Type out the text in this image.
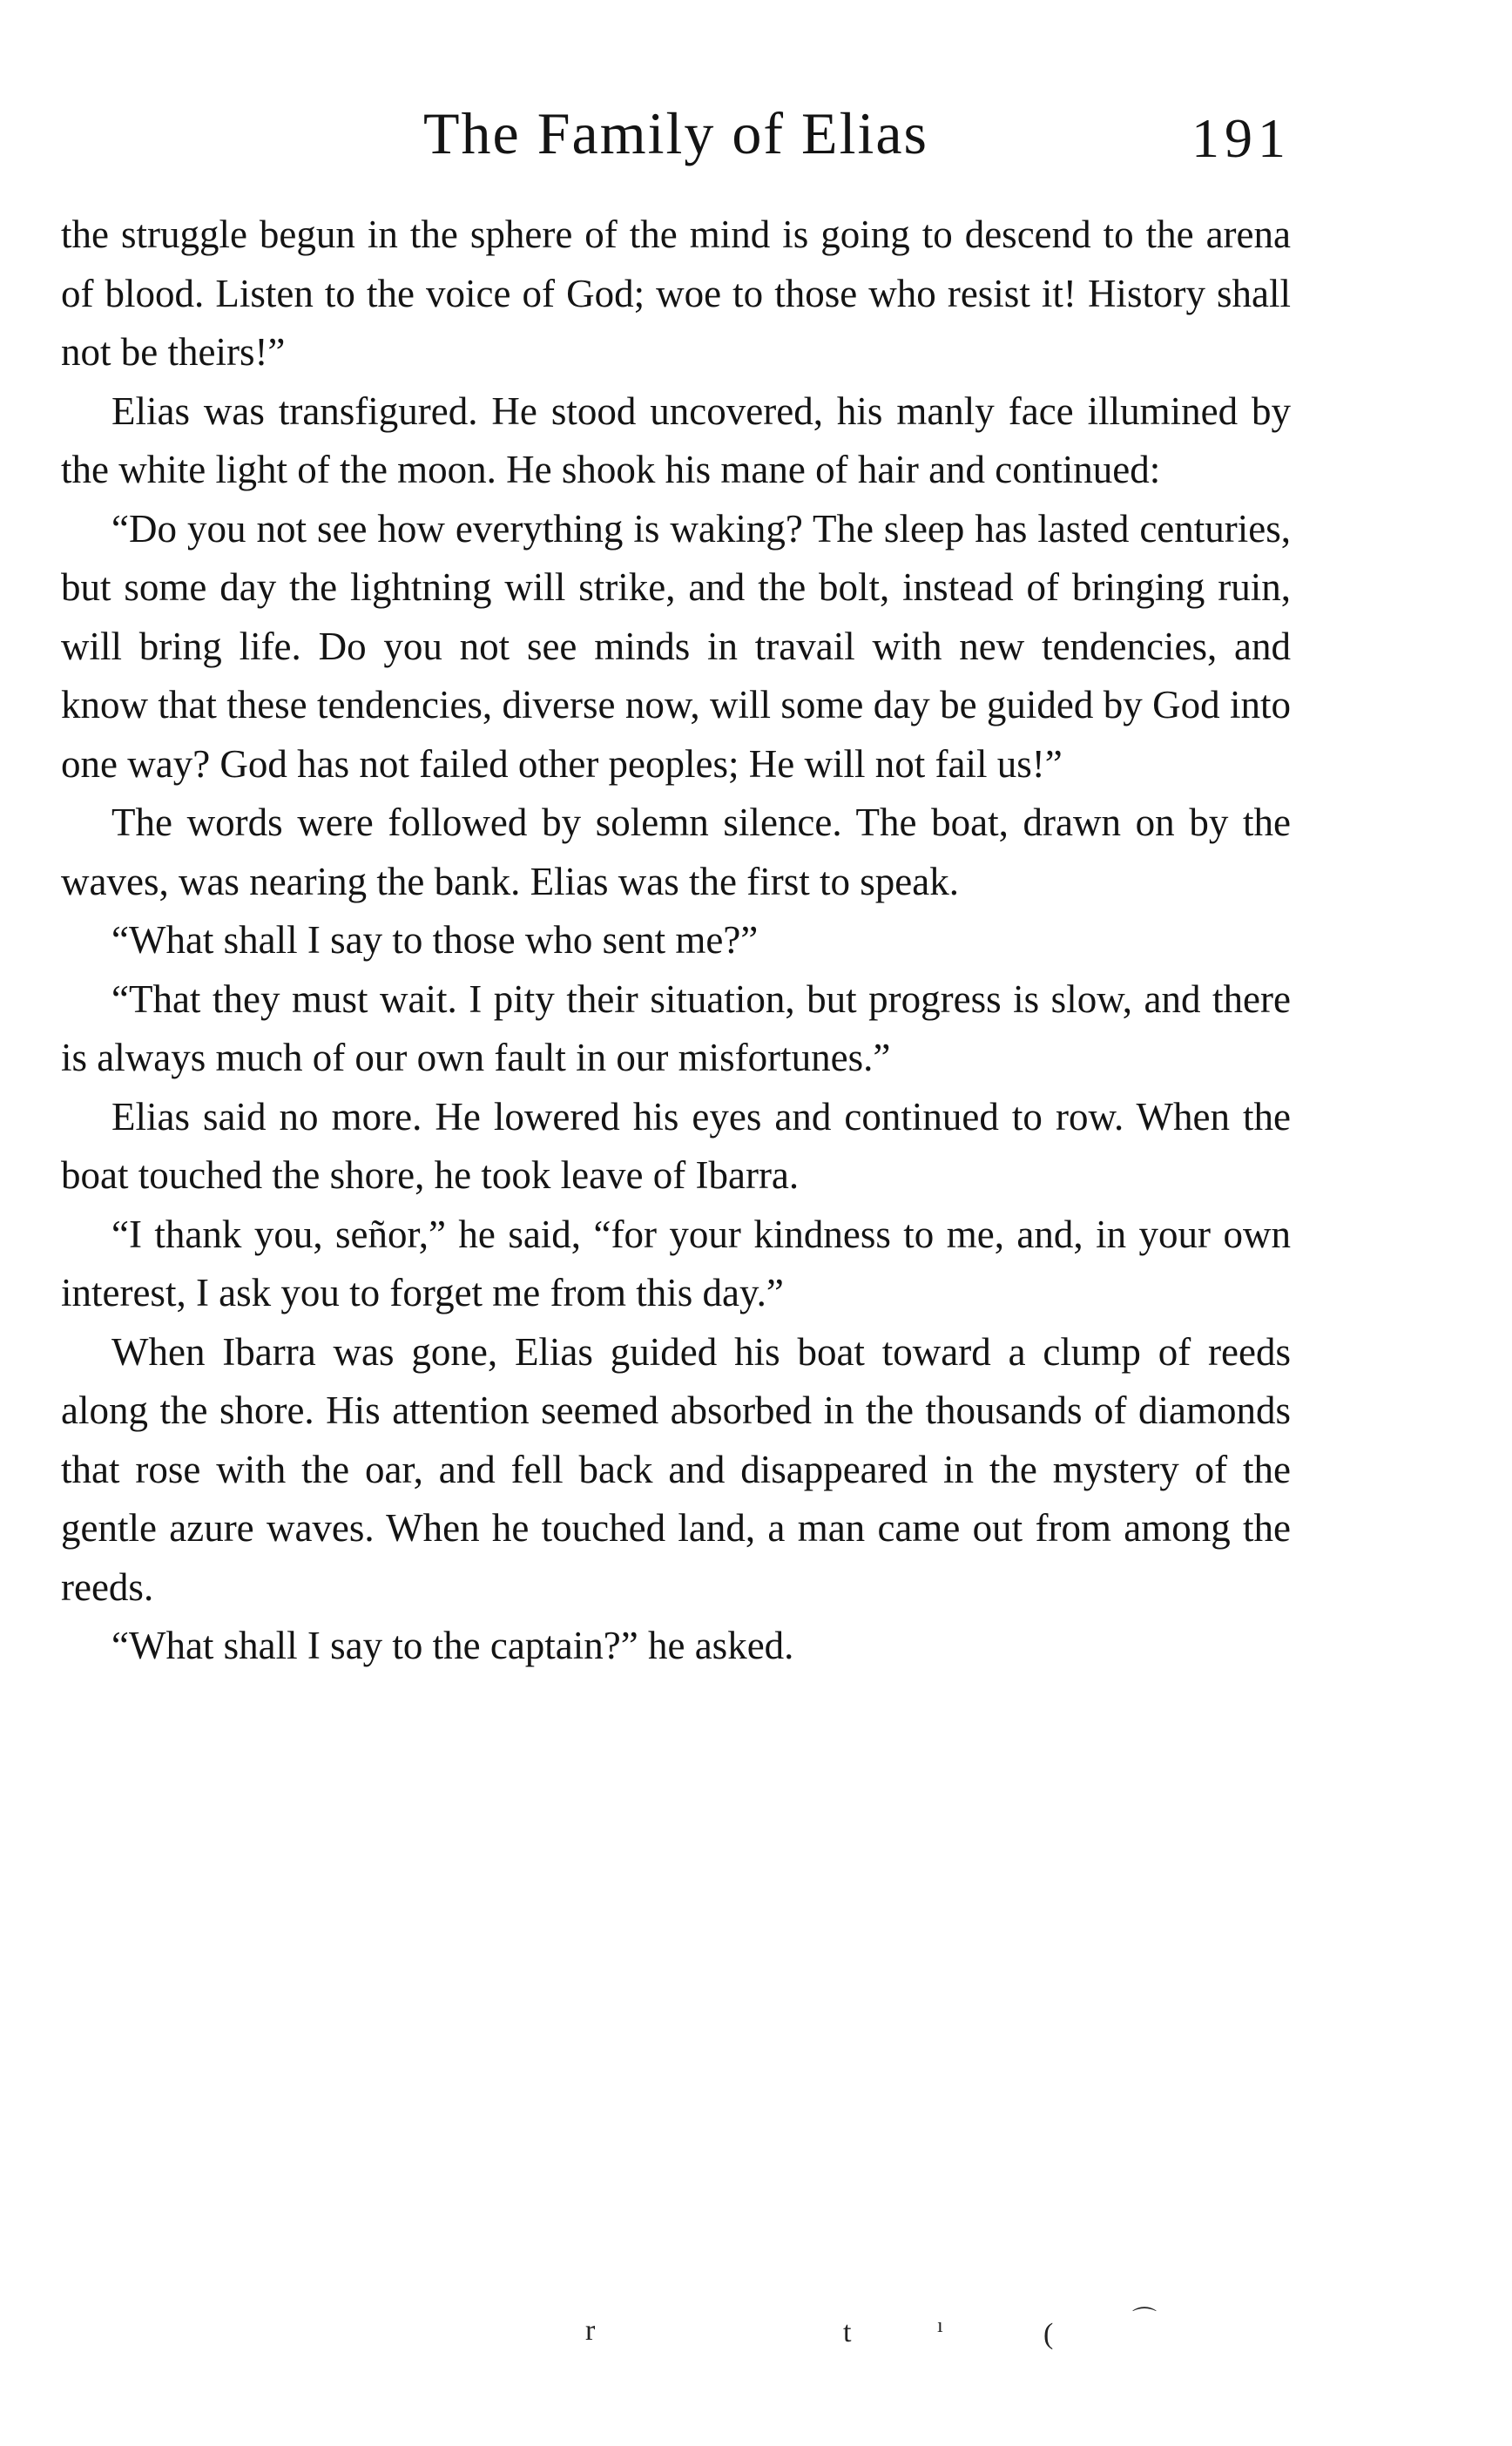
The Family of Elias	191

the struggle begun in the sphere of the mind is going to descend to the arena of blood. Listen to the voice of God; woe to those who resist it! History shall not be theirs!”

Elias was transfigured. He stood uncovered, his manly face illumined by the white light of the moon. He shook his mane of hair and continued:

“Do you not see how everything is waking? The sleep has lasted centuries, but some day the lightning will strike, and the bolt, instead of bringing ruin, will bring life. Do you not see minds in travail with new tendencies, and know that these tendencies, diverse now, will some day be guided by God into one way? God has not failed other peoples; He will not fail us!”

The words were followed by solemn silence. The boat, drawn on by the waves, was nearing the bank. Elias was the first to speak.

“What shall I say to those who sent me?”

“That they must wait. I pity their situation, but progress is slow, and there is always much of our own fault in our misfortunes.”

Elias said no more. He lowered his eyes and continued to row. When the boat touched the shore, he took leave of Ibarra.

“I thank you, señor,” he said, “for your kindness to me, and, in your own interest, I ask you to forget me from this day.”

When Ibarra was gone, Elias guided his boat toward a clump of reeds along the shore. His attention seemed absorbed in the thousands of diamonds that rose with the oar, and fell back and disappeared in the mystery of the gentle azure waves. When he touched land, a man came out from among the reeds.

“What shall I say to the captain?” he asked.

r	t	ı	(	⌒
